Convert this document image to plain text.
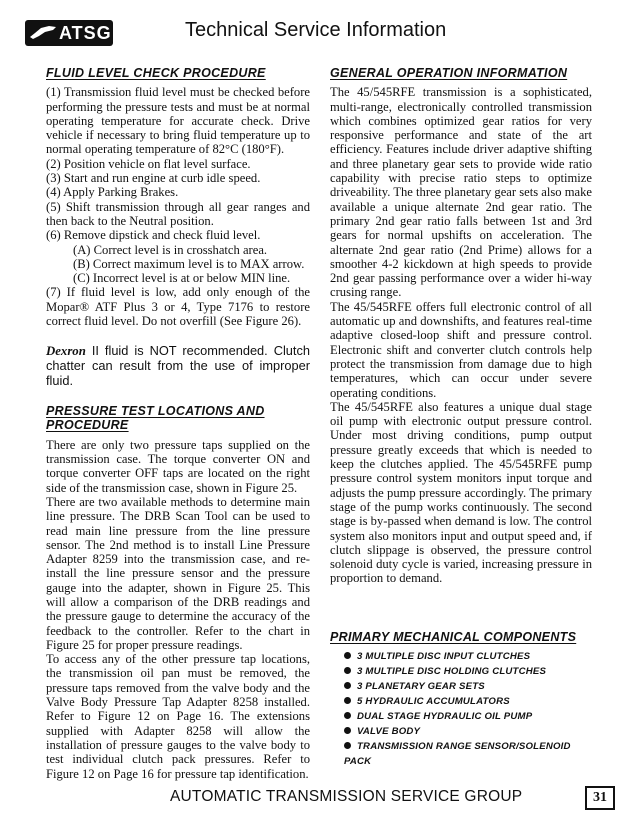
ATSG	Technical Service Information
FLUID LEVEL CHECK PROCEDURE

(1) Transmission fluid level must be checked before performing the pressure tests and must be at normal operating temperature for accurate check. Drive vehicle if necessary to bring fluid temperature up to normal operating temperature of 82°C (180°F).

(2) Position vehicle on flat level surface.

(3) Start and run engine at curb idle speed.

(4) Apply Parking Brakes.

(5) Shift transmission through all gear ranges and then back to the Neutral position.

(6) Remove dipstick and check fluid level.

(A) Correct level is in crosshatch area.

(B) Correct maximum level is to MAX arrow.

(C) Incorrect level is at or below MIN line.

(7) If fluid level is low, add only enough of the Mopar® ATF Plus 3 or 4, Type 7176 to restore correct fluid level. Do not overfill (See Figure 26).

Dexron II fluid is NOT recommended. Clutch chatter can result from the use of improper fluid.

PRESSURE TEST LOCATIONS AND PROCEDURE

There are only two pressure taps supplied on the transmission case. The torque converter ON and torque converter OFF taps are located on the right side of the transmission case, shown in Figure 25.

There are two available methods to determine main line pressure. The DRB Scan Tool can be used to read main line pressure from the line pressure sensor. The 2nd method is to install Line Pressure Adapter 8259 into the transmission case, and re-install the line pressure sensor and the pressure gauge into the adapter, shown in Figure 25. This will allow a comparison of the DRB readings and the pressure gauge to determine the accuracy of the feedback to the controller. Refer to the chart in Figure 25 for proper pressure readings.

To access any of the other pressure tap locations, the transmission oil pan must be removed, the pressure taps removed from the valve body and the Valve Body Pressure Tap Adapter 8258 installed. Refer to Figure 12 on Page 16. The extensions supplied with Adapter 8258 will allow the installation of pressure gauges to the valve body to test individual clutch pack pressures. Refer to Figure 12 on Page 16 for pressure tap identification.

GENERAL OPERATION INFORMATION

The 45/545RFE transmission is a sophisticated, multi-range, electronically controlled transmission which combines optimized gear ratios for very responsive performance and state of the art efficiency. Features include driver adaptive shifting and three planetary gear sets to provide wide ratio capability with precise ratio steps to optimize driveability. The three planetary gear sets also make available a unique alternate 2nd gear ratio. The primary 2nd gear ratio falls between 1st and 3rd gears for normal upshifts on acceleration. The alternate 2nd gear ratio (2nd Prime) allows for a smoother 4-2 kickdown at high speeds to provide 2nd gear passing performance over a wider hi-way crusing range.

The 45/545RFE offers full electronic control of all automatic up and downshifts, and features real-time adaptive closed-loop shift and pressure control. Electronic shift and converter clutch controls help protect the transmission from damage due to high temperatures, which can occur under severe operating conditions.

The 45/545RFE also features a unique dual stage oil pump with electronic output pressure control. Under most driving conditions, pump output pressure greatly exceeds that which is needed to keep the clutches applied. The 45/545RFE pump pressure control system monitors input torque and adjusts the pump pressure accordingly. The primary stage of the pump works continuously. The second stage is by-passed when demand is low. The control system also monitors input and output speed and, if clutch slippage is observed, the pressure control solenoid duty cycle is varied, increasing pressure in proportion to demand.

PRIMARY MECHANICAL COMPONENTS
3 MULTIPLE DISC INPUT CLUTCHES
3 MULTIPLE DISC HOLDING CLUTCHES
3 PLANETARY GEAR SETS
5 HYDRAULIC ACCUMULATORS
DUAL STAGE HYDRAULIC OIL PUMP
VALVE BODY
TRANSMISSION RANGE SENSOR/SOLENOID PACK
AUTOMATIC TRANSMISSION SERVICE GROUP	31
